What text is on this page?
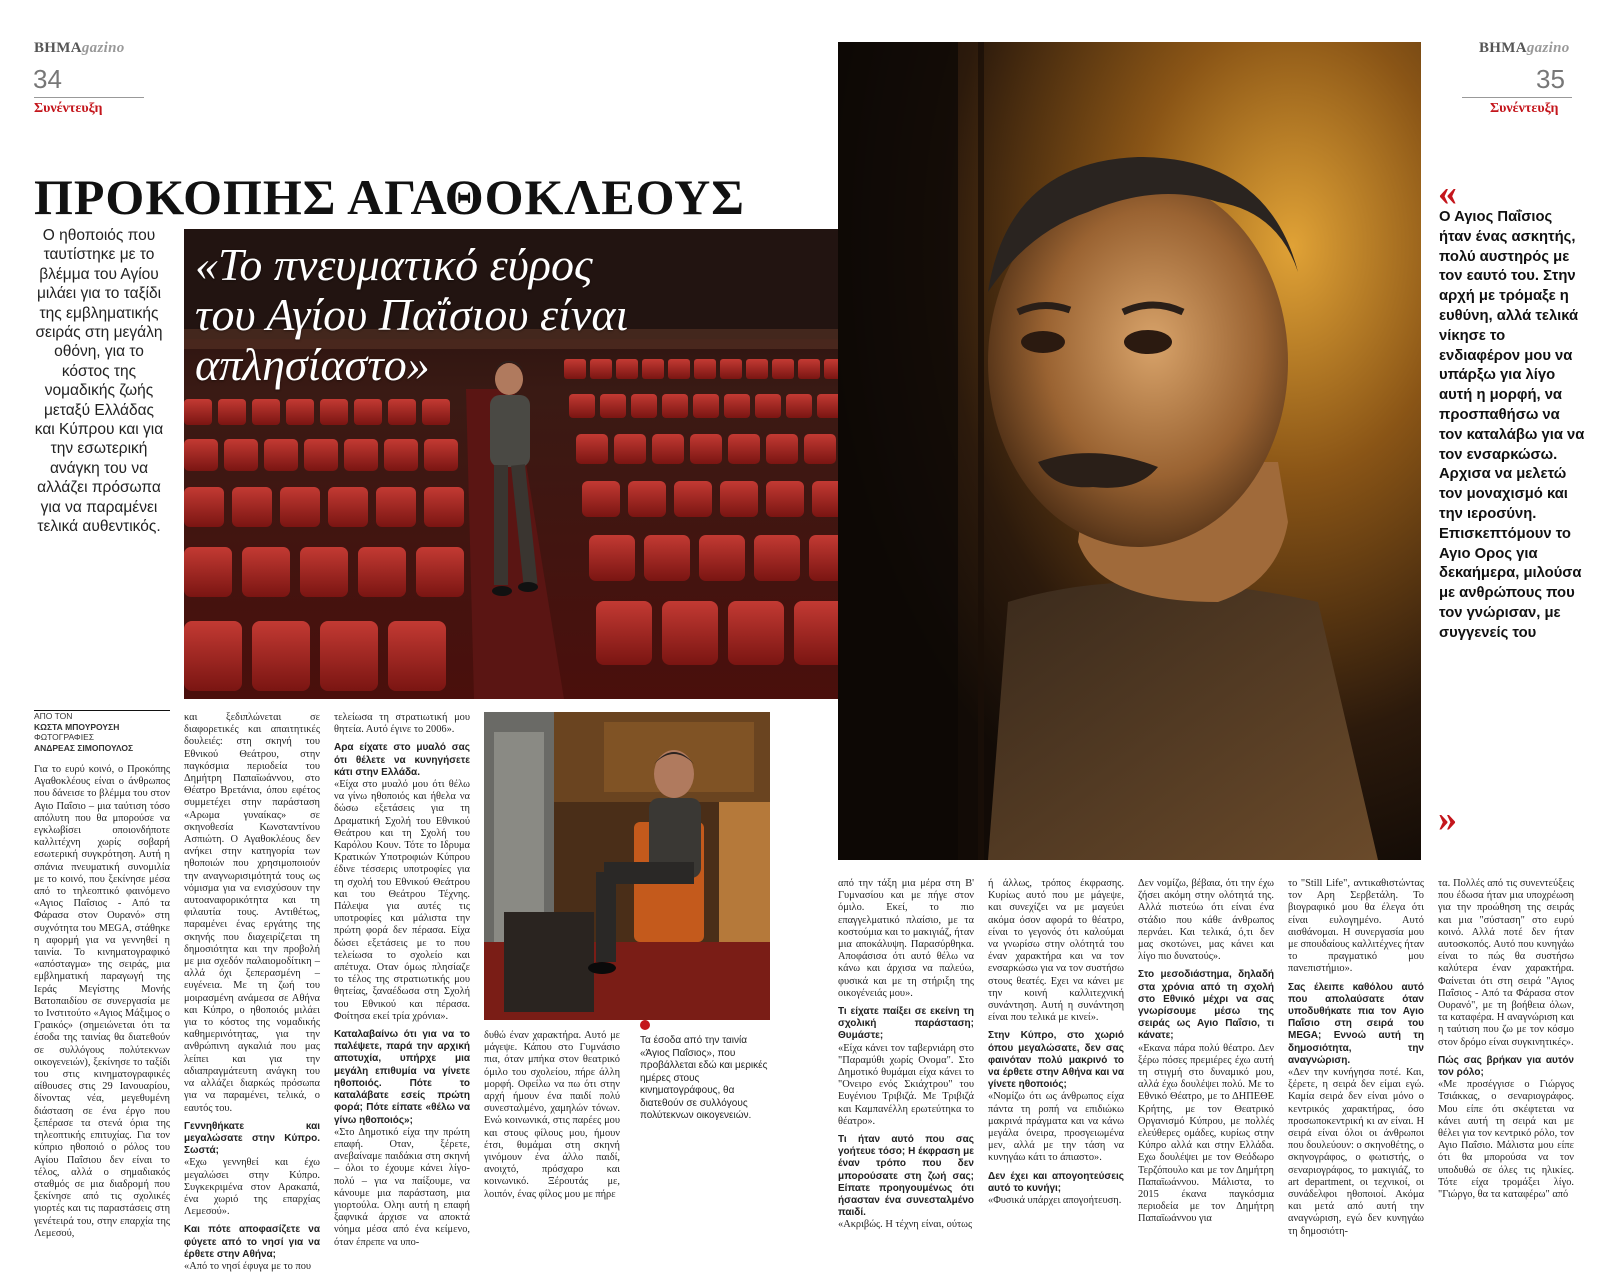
ΒΗΜΑgazino
34
Συνέντευξη
ΒΗΜΑgazino
35
Συνέντευξη
ΠΡΟΚΟΠΗΣ ΑΓΑΘΟΚΛΕΟΥΣ
Ο ηθοποιός που ταυτίστηκε με το βλέμμα του Αγίου μιλάει για το ταξίδι της εμβληματικής σειράς στη μεγάλη οθόνη, για το κόστος της νομαδικής ζωής μεταξύ Ελλάδας και Κύπρου και για την εσωτερική ανάγκη του να αλλάζει πρόσωπα για να παραμένει τελικά αυθεντικός.
«Το πνευματικό εύρος
του Αγίου Παΐσιου είναι
απλησίαστο»
«
Ο Αγιος Παΐσιος ήταν ένας ασκητής, πολύ αυστηρός με τον εαυτό του. Στην αρχή με τρόμαξε η ευθύνη, αλλά τελικά νίκησε το ενδιαφέρον μου να υπάρξω για λίγο αυτή η μορφή, να προσπαθήσω να τον καταλάβω για να τον ενσαρκώσω. Αρχισα να μελετώ τον μοναχισμό και την ιεροσύνη. Επισκεπτόμουν το Αγιο Ορος για δεκαήμερα, μιλούσα με ανθρώπους που τον γνώρισαν, με συγγενείς του
»
Τα έσοδα από την ταινία «Άγιος Παΐσιος», που προβάλλεται εδώ και μερικές ημέρες στους κινηματογράφους, θα διατεθούν σε συλλόγους πολύτεκνων οικογενειών.
ΑΠΟ ΤΟΝ
ΚΩΣΤΑ ΜΠΟΥΡΟΥΣΗ
ΦΩΤΟΓΡΑΦΙΕΣ
ΑΝΔΡΕΑΣ ΣΙΜΟΠΟΥΛΟΣ

Για το ευρύ κοινό, ο Προκόπης Αγαθοκλέους είναι ο άνθρωπος που δάνεισε το βλέμμα του στον Αγιο Παΐσιο – μια ταύτιση τόσο απόλυτη που θα μπορούσε να εγκλωβίσει οποιονδήποτε καλλιτέχνη χωρίς σοβαρή εσωτερική συγκρότηση. Αυτή η σπάνια πνευματική συνομιλία με το κοινό, που ξεκίνησε μέσα από το τηλεοπτικό φαινόμενο «Αγιος Παΐσιος - Από τα Φάρασα στον Ουρανό» στη συχνότητα του MEGA, στάθηκε η αφορμή για να γεννηθεί η ταινία. Το κινηματογραφικό «απόσταγμα» της σειράς, μια εμβληματική παραγωγή της Ιεράς Μεγίστης Μονής Βατοπαιδίου σε συνεργασία με το Ινστιτούτο «Αγιος Μάξιμος ο Γραικός» (σημειώνεται ότι τα έσοδα της ταινίας θα διατεθούν σε συλλόγους πολύτεκνων οικογενειών), ξεκίνησε το ταξίδι του στις κινηματογραφικές αίθουσες στις 29 Ιανουαρίου, δίνοντας νέα, μεγεθυμένη διάσταση σε ένα έργο που ξεπέρασε τα στενά όρια της τηλεοπτικής επιτυχίας. Για τον κύπριο ηθοποιό ο ρόλος του Αγίου Παΐσιου δεν είναι το τέλος, αλλά ο σημαδιακός σταθμός σε μια διαδρομή που ξεκίνησε από τις σχολικές γιορτές και τις παραστάσεις στη γενέτειρά του, στην επαρχία της Λεμεσού,

και ξεδιπλώνεται σε διαφορετικές και απαιτητικές δουλειές: στη σκηνή του Εθνικού Θεάτρου, στην παγκόσμια περιοδεία του Δημήτρη Παπαϊωάννου, στο Θέατρο Βρετάνια, όπου εφέτος συμμετέχει στην παράσταση «Αρωμα γυναίκας» σε σκηνοθεσία Κωνσταντίνου Ασπιώτη. Ο Αγαθοκλέους δεν ανήκει στην κατηγορία των ηθοποιών που χρησιμοποιούν την αναγνωρισιμότητά τους ως νόμισμα για να ενισχύσουν την αυτοαναφορικότητα και τη φιλαυτία τους. Αντιθέτως, παραμένει ένας εργάτης της σκηνής που διαχειρίζεται τη δημοσιότητα και την προβολή με μια σχεδόν παλαιομοδίτικη – αλλά όχι ξεπερασμένη – ευγένεια. Με τη ζωή του μοιρασμένη ανάμεσα σε Αθήνα και Κύπρο, ο ηθοποιός μιλάει για το κόστος της νομαδικής καθημερινότητας, για την ανθρώπινη αγκαλιά που μας λείπει και για την αδιαπραγμάτευτη ανάγκη του να αλλάζει διαρκώς πρόσωπα για να παραμένει, τελικά, ο εαυτός του.

Γεννηθήκατε και μεγαλώσατε στην Κύπρο. Σωστά;

«Εχω γεννηθεί και έχω μεγαλώσει στην Κύπρο. Συγκεκριμένα στον Αρακαπά, ένα χωριό της επαρχίας Λεμεσού».

Και πότε αποφασίζετε να φύγετε από το νησί για να έρθετε στην Αθήνα;

«Από το νησί έφυγα με το που

τελείωσα τη στρατιωτική μου θητεία. Αυτό έγινε το 2006».

Αρα είχατε στο μυαλό σας ότι θέλετε να κυνηγήσετε κάτι στην Ελλάδα.

«Είχα στο μυαλό μου ότι θέλω να γίνω ηθοποιός και ήθελα να δώσω εξετάσεις για τη Δραματική Σχολή του Εθνικού Θεάτρου και τη Σχολή του Καρόλου Κουν. Τότε το Ιδρυμα Κρατικών Υποτροφιών Κύπρου έδινε τέσσερις υποτροφίες για τη σχολή του Εθνικού Θεάτρου και του Θεάτρου Τέχνης. Πάλεψα για αυτές τις υποτροφίες και μάλιστα την πρώτη φορά δεν πέρασα. Είχα δώσει εξετάσεις με το που τελείωσα το σχολείο και απέτυχα. Οταν όμως πλησίαζε το τέλος της στρατιωτικής μου θητείας, ξαναέδωσα στη Σχολή του Εθνικού και πέρασα. Φοίτησα εκεί τρία χρόνια».

Καταλαβαίνω ότι για να το παλέψετε, παρά την αρχική αποτυχία, υπήρχε μια μεγάλη επιθυμία να γίνετε ηθοποιός. Πότε το καταλάβατε εσείς πρώτη φορά; Πότε είπατε «θέλω να γίνω ηθοποιός»;

«Στο Δημοτικό είχα την πρώτη επαφή. Οταν, ξέρετε, ανεβαίναμε παιδάκια στη σκηνή – όλοι το έχουμε κάνει λίγο-πολύ – για να παίξουμε, να κάνουμε μια παράσταση, μια γιορτούλα. Οληι αυτή η επαφή ξαφνικά άρχισε να αποκτά νόημα μέσα από ένα κείμενο, όταν έπρεπε να υπο-

δυθώ έναν χαρακτήρα. Αυτό με μάγεψε. Κάπου στο Γυμνάσιο πια, όταν μπήκα στον θεατρικό όμιλο του σχολείου, πήρε άλλη μορφή. Οφείλω να πω ότι στην αρχή ήμουν ένα παιδί πολύ συνεσταλμένο, χαμηλών τόνων. Ενώ κοινωνικά, στις παρέες μου και στους φίλους μου, ήμουν έτσι, θυμάμαι στη σκηνή γινόμουν ένα άλλο παιδί, ανοιχτό, πρόσχαρο και κοινωνικό. Ξέρουτάς με, λοιπόν, ένας φίλος μου με πήρε

από την τάξη μια μέρα στη Β' Γυμνασίου και με πήγε στον όμιλο. Εκεί, το πιο επαγγελματικό πλαίσιο, με τα κοστούμια και το μακιγιάζ, ήταν μια αποκάλυψη. Παρασύρθηκα. Αποφάσισα ότι αυτό θέλω να κάνω και άρχισα να παλεύω, φυσικά και με τη στήριξη της οικογένειάς μου».

Τι είχατε παίξει σε εκείνη τη σχολική παράσταση; Θυμάστε;

«Είχα κάνει τον ταβερνιάρη στο "Παραμύθι χωρίς Ονομα". Στο Δημοτικό θυμάμαι είχα κάνει το "Ονειρο ενός Σκιάχτρου" του Ευγένιου Τριβιζά. Με Τριβιζά και Καμπανέλλη ερωτεύτηκα το θέατρο».

Τι ήταν αυτό που σας γοήτευε τόσο; Η έκφραση με έναν τρόπο που δεν μπορούσατε στη ζωή σας; Είπατε προηγουμένως ότι ήσασταν ένα συνεσταλμένο παιδί.

«Ακριβώς. Η τέχνη είναι, ούτως

ή άλλως, τρόπος έκφρασης. Κυρίως αυτό που με μάγεψε, και συνεχίζει να με μαγεύει ακόμα όσον αφορά το θέατρο, είναι το γεγονός ότι καλούμαι να γνωρίσω στην ολότητά του έναν χαρακτήρα και να τον ενσαρκώσω για να τον συστήσω στους θεατές. Εχει να κάνει με την κοινή καλλιτεχνική συνάντηση. Αυτή η συνάντηση είναι που τελικά με κινεί».

Στην Κύπρο, στο χωριό όπου μεγαλώσατε, δεν σας φαινόταν πολύ μακρινό το να έρθετε στην Αθήνα και να γίνετε ηθοποιός;

«Νομίζω ότι ως άνθρωπος είχα πάντα τη ροπή να επιδιώκω μακρινά πράγματα και να κάνω μεγάλα όνειρα, προσγειωμένα μεν, αλλά με την τάση να κυνηγάω κάτι το άπιαστο».

Δεν έχει και απογοητεύσεις αυτό το κυνήγι;

«Φυσικά υπάρχει απογοήτευση.

Δεν νομίζω, βέβαια, ότι την έχω ζήσει ακόμη στην ολότητά της. Αλλά πιστεύω ότι είναι ένα στάδιο που κάθε άνθρωπος περνάει. Και τελικά, ό,τι δεν μας σκοτώνει, μας κάνει και λίγο πιο δυνατούς».

Στο μεσοδιάστημα, δηλαδή στα χρόνια από τη σχολή στο Εθνικό μέχρι να σας γνωρίσουμε μέσω της σειράς ως Αγιο Παΐσιο, τι κάνατε;

«Εκανα πάρα πολύ θέατρο. Δεν ξέρω πόσες πρεμιέρες έχω αυτή τη στιγμή στο δυναμικό μου, αλλά έχω δουλέψει πολύ. Με το Εθνικό Θέατρο, με το ΔΗΠΕΘΕ Κρήτης, με τον Θεατρικό Οργανισμό Κύπρου, με πολλές ελεύθερες ομάδες, κυρίως στην Κύπρο αλλά και στην Ελλάδα. Εχω δουλέψει με τον Θεόδωρο Τερζόπουλο και με τον Δημήτρη Παπαϊωάννου. Μάλιστα, το 2015 έκανα παγκόσμια περιοδεία με τον Δημήτρη Παπαϊωάννου για

το "Still Life", αντικαθιστώντας τον Αρη Σερβετάλη. Το βιογραφικό μου θα έλεγα ότι είναι ευλογημένο. Αυτό αισθάνομαι. Η συνεργασία μου με σπουδαίους καλλιτέχνες ήταν το πραγματικό μου πανεπιστήμιο».

Σας έλειπε καθόλου αυτό που απολαύσατε όταν υποδυθήκατε πια τον Αγιο Παΐσιο στη σειρά του MEGA; Εννοώ αυτή τη δημοσιότητα, την αναγνώριση.

«Δεν την κυνήγησα ποτέ. Και, ξέρετε, η σειρά δεν είμαι εγώ. Καμία σειρά δεν είναι μόνο ο κεντρικός χαρακτήρας, όσο προσωποκεντρική κι αν είναι. Η σειρά είναι όλοι οι άνθρωποι που δουλεύουν: ο σκηνοθέτης, ο σκηνογράφος, ο φωτιστής, ο σεναριογράφος, το μακιγιάζ, το art department, οι τεχνικοί, οι συνάδελφοι ηθοποιοί. Ακόμα και μετά από αυτή την αναγνώριση, εγώ δεν κυνηγάω τη δημοσιότη-

τα. Πολλές από τις συνεντεύξεις που έδωσα ήταν μια υποχρέωση για την προώθηση της σειράς και μια "σύσταση" στο ευρύ κοινό. Αλλά ποτέ δεν ήταν αυτοσκοπός. Αυτό που κυνηγάω είναι το πώς θα συστήσω καλύτερα έναν χαρακτήρα. Φαίνεται ότι στη σειρά "Αγιος Παΐσιος - Από τα Φάρασα στον Ουρανό", με τη βοήθεια όλων, τα καταφέρα. Η αναγνώριση και η ταύτιση που ζω με τον κόσμο στον δρόμο είναι συγκινητικές».

Πώς σας βρήκαν για αυτόν τον ρόλο;

«Με προσέγγισε ο Γιώργος Τσιάκκας, ο σεναριογράφος. Μου είπε ότι σκέφτεται να κάνει αυτή τη σειρά και με θέλει για τον κεντρικό ρόλο, τον Αγιο Παΐσιο. Μάλιστα μου είπε ότι θα μπορούσα να τον υποδυθώ σε όλες τις ηλικίες. Τότε είχα τρομάξει λίγο. "Γιώργο, θα τα καταφέρω" από
